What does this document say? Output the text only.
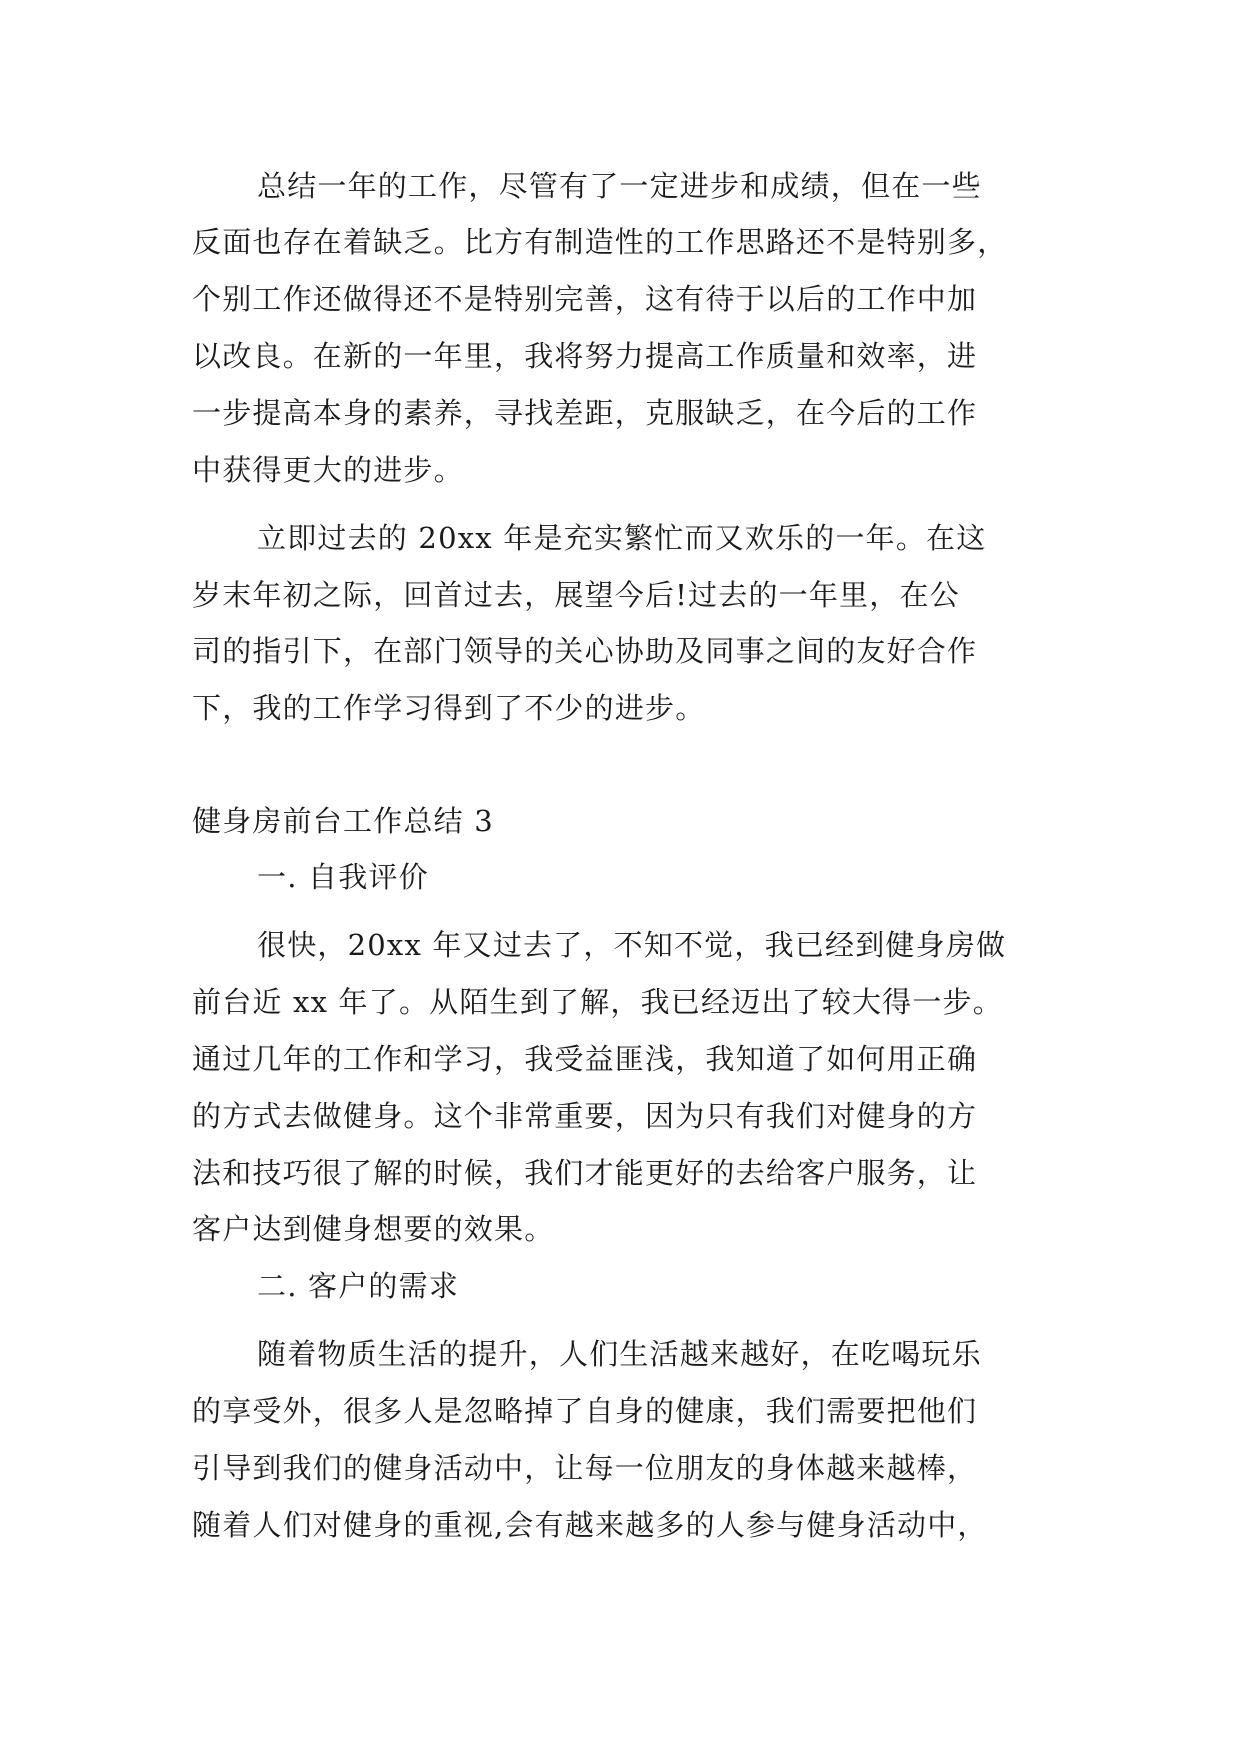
总结一年的工作，尽管有了一定进步和成绩，但在一些
反面也存在着缺乏。比方有制造性的工作思路还不是特别多，
个别工作还做得还不是特别完善，这有待于以后的工作中加
以改良。在新的一年里，我将努力提高工作质量和效率，进
一步提高本身的素养，寻找差距，克服缺乏，在今后的工作
中获得更大的进步。
立即过去的 20xx 年是充实繁忙而又欢乐的一年。在这
岁末年初之际，回首过去，展望今后!过去的一年里，在公
司的指引下，在部门领导的关心协助及同事之间的友好合作
下，我的工作学习得到了不少的进步。
健身房前台工作总结 3
一. 自我评价
很快，20xx 年又过去了，不知不觉，我已经到健身房做
前台近 xx 年了。从陌生到了解，我已经迈出了较大得一步。
通过几年的工作和学习，我受益匪浅，我知道了如何用正确
的方式去做健身。这个非常重要，因为只有我们对健身的方
法和技巧很了解的时候，我们才能更好的去给客户服务，让
客户达到健身想要的效果。
二. 客户的需求
随着物质生活的提升，人们生活越来越好，在吃喝玩乐
的享受外，很多人是忽略掉了自身的健康，我们需要把他们
引导到我们的健身活动中，让每一位朋友的身体越来越棒，
随着人们对健身的重视,会有越来越多的人参与健身活动中，
